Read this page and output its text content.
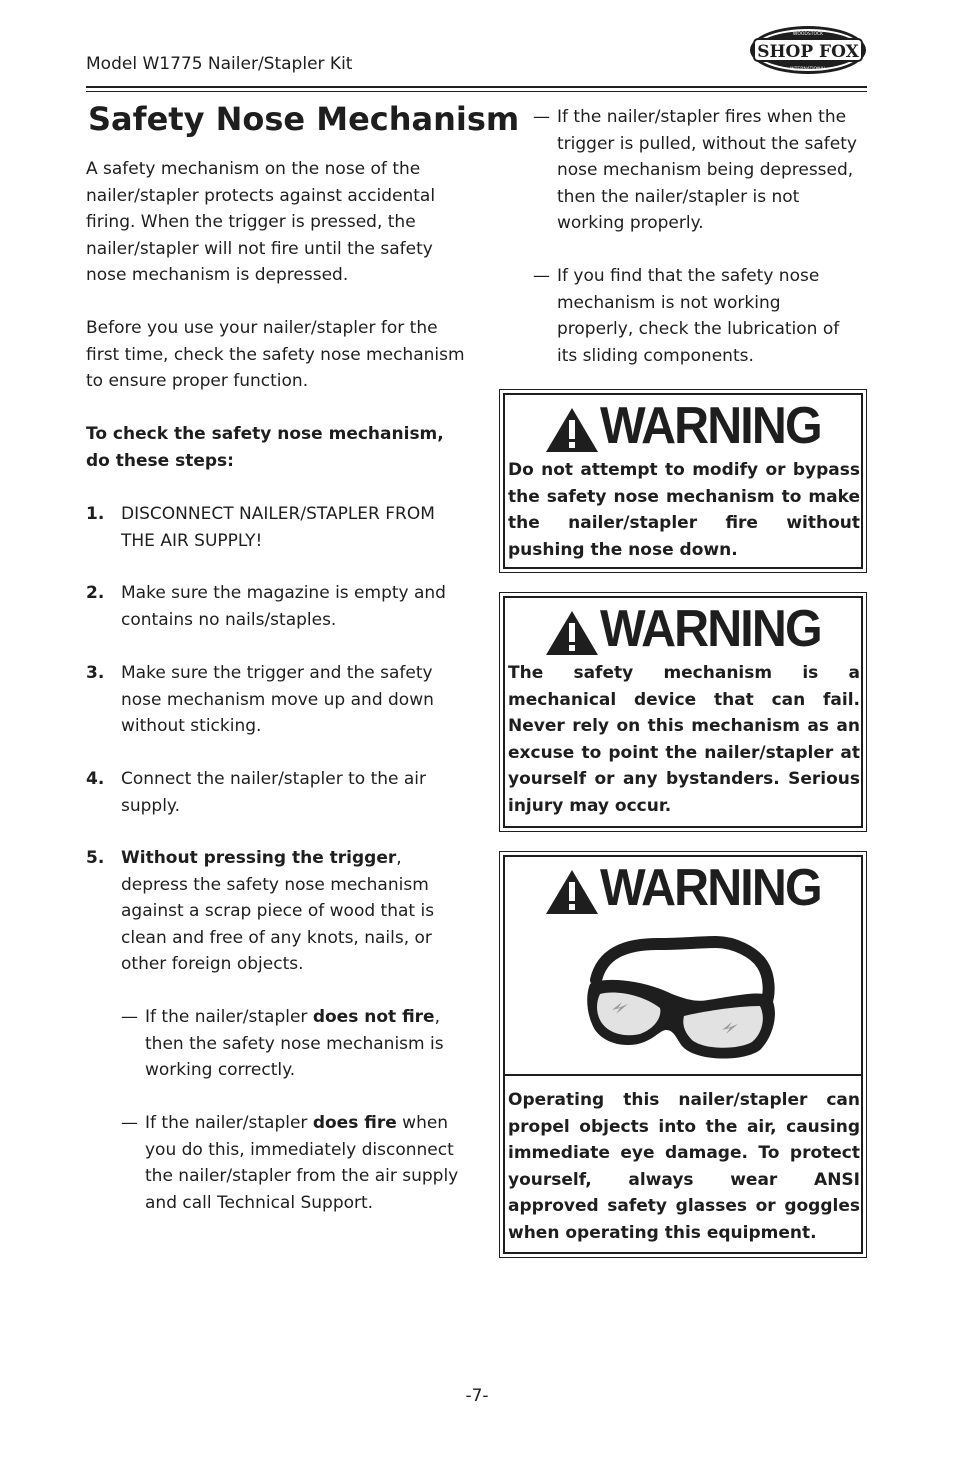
Model W1775 Nailer/Stapler Kit
SHOP FOX
WOODSTOCK
INTERNATIONAL
Safety Nose Mechanism

A safety mechanism on the nose of the nailer/stapler protects against accidental firing. When the trigger is pressed, the nailer/stapler will not fire until the safety nose mechanism is depressed.

Before you use your nailer/stapler for the first time, check the safety nose mechanism to ensure proper function.

To check the safety nose mechanism, do these steps:

1. DISCONNECT NAILER/STAPLER FROM THE AIR SUPPLY!

2. Make sure the magazine is empty and contains no nails/staples.

3. Make sure the trigger and the safety nose mechanism move up and down without sticking.

4. Connect the nailer/stapler to the air supply.

5. Without pressing the trigger, depress the safety nose mechanism against a scrap piece of wood that is clean and free of any knots, nails, or other foreign objects.

— If the nailer/stapler does not fire, then the safety nose mechanism is working correctly.

— If the nailer/stapler does fire when you do this, immediately disconnect the nailer/stapler from the air supply and call Technical Support.

— If the nailer/stapler fires when the trigger is pulled, without the safety nose mechanism being depressed, then the nailer/stapler is not working properly.

— If you find that the safety nose mechanism is not working properly, check the lubrication of its sliding components.

WARNING

Do not attempt to modify or bypass the safety nose mechanism to make the nailer/stapler fire without pushing the nose down.

WARNING

The safety mechanism is a mechanical device that can fail. Never rely on this mechanism as an excuse to point the nailer/stapler at yourself or any bystanders. Serious injury may occur.

WARNING

Operating this nailer/stapler can propel objects into the air, causing immediate eye damage. To protect yourself, always wear ANSI approved safety glasses or goggles when operating this equipment.

-7-
